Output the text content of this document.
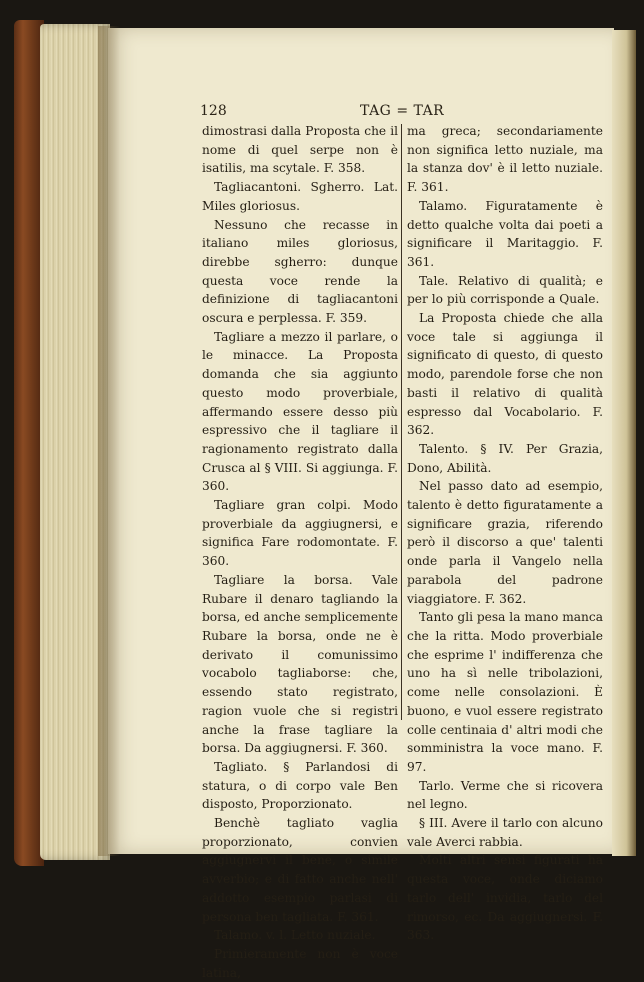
128	TAG = TAR

dimostrasi dalla Proposta che il nome di quel serpe non è isatilis, ma scytale. F. 358.

Tagliacantoni. Sgherro. Lat. Miles gloriosus.

Nessuno che recasse in italiano miles gloriosus, direbbe sgherro: dunque questa voce rende la definizione di tagliacantoni oscura e perplessa. F. 359.

Tagliare a mezzo il parlare, o le minacce. La Proposta domanda che sia aggiunto questo modo proverbiale, affermando essere desso più espressivo che il tagliare il ragionamento registrato dalla Crusca al § VIII. Si aggiunga. F. 360.

Tagliare gran colpi. Modo proverbiale da aggiugnersi, e significa Fare rodomontate. F. 360.

Tagliare la borsa. Vale Rubare il denaro tagliando la borsa, ed anche semplicemente Rubare la borsa, onde ne è derivato il comunissimo vocabolo tagliaborse: che, essendo stato registrato, ragion vuole che si registri anche la frase tagliare la borsa. Da aggiugnersi. F. 360.

Tagliato. § Parlandosi di statura, o di corpo vale Ben disposto, Proporzionato.

Benchè tagliato vaglia proporzionato, convien aggiugnervi il bene, o simile avverbio; e di fatto anche nell' addotto esempio parlasi di persona ben tagliata. F. 361.

Talamo. v. l. Letto nuziale.

Primieramente non è voce latina,

ma greca; secondariamente non significa letto nuziale, ma la stanza dov' è il letto nuziale. F. 361.

Talamo. Figuratamente è detto qualche volta dai poeti a significare il Maritaggio. F. 361.

Tale. Relativo di qualità; e per lo più corrisponde a Quale.

La Proposta chiede che alla voce tale si aggiunga il significato di questo, di questo modo, parendole forse che non basti il relativo di qualità espresso dal Vocabolario. F. 362.

Talento. § IV. Per Grazia, Dono, Abilità.

Nel passo dato ad esempio, talento è detto figuratamente a significare grazia, riferendo però il discorso a que' talenti onde parla il Vangelo nella parabola del padrone viaggiatore. F. 362.

Tanto gli pesa la mano manca che la ritta. Modo proverbiale che esprime l' indifferenza che uno ha sì nelle tribolazioni, come nelle consolazioni. È buono, e vuol essere registrato colle centinaia d' altri modi che somministra la voce mano. F. 97.

Tarlo. Verme che si ricovera nel legno.

§ III. Avere il tarlo con alcuno vale Averci rabbia.

Molti altri sensi figurati ha questa voce, onde diciamo tarlo dell' invidia, tarlo del rimorso, ec. Da aggiugnersi. F. 363.
